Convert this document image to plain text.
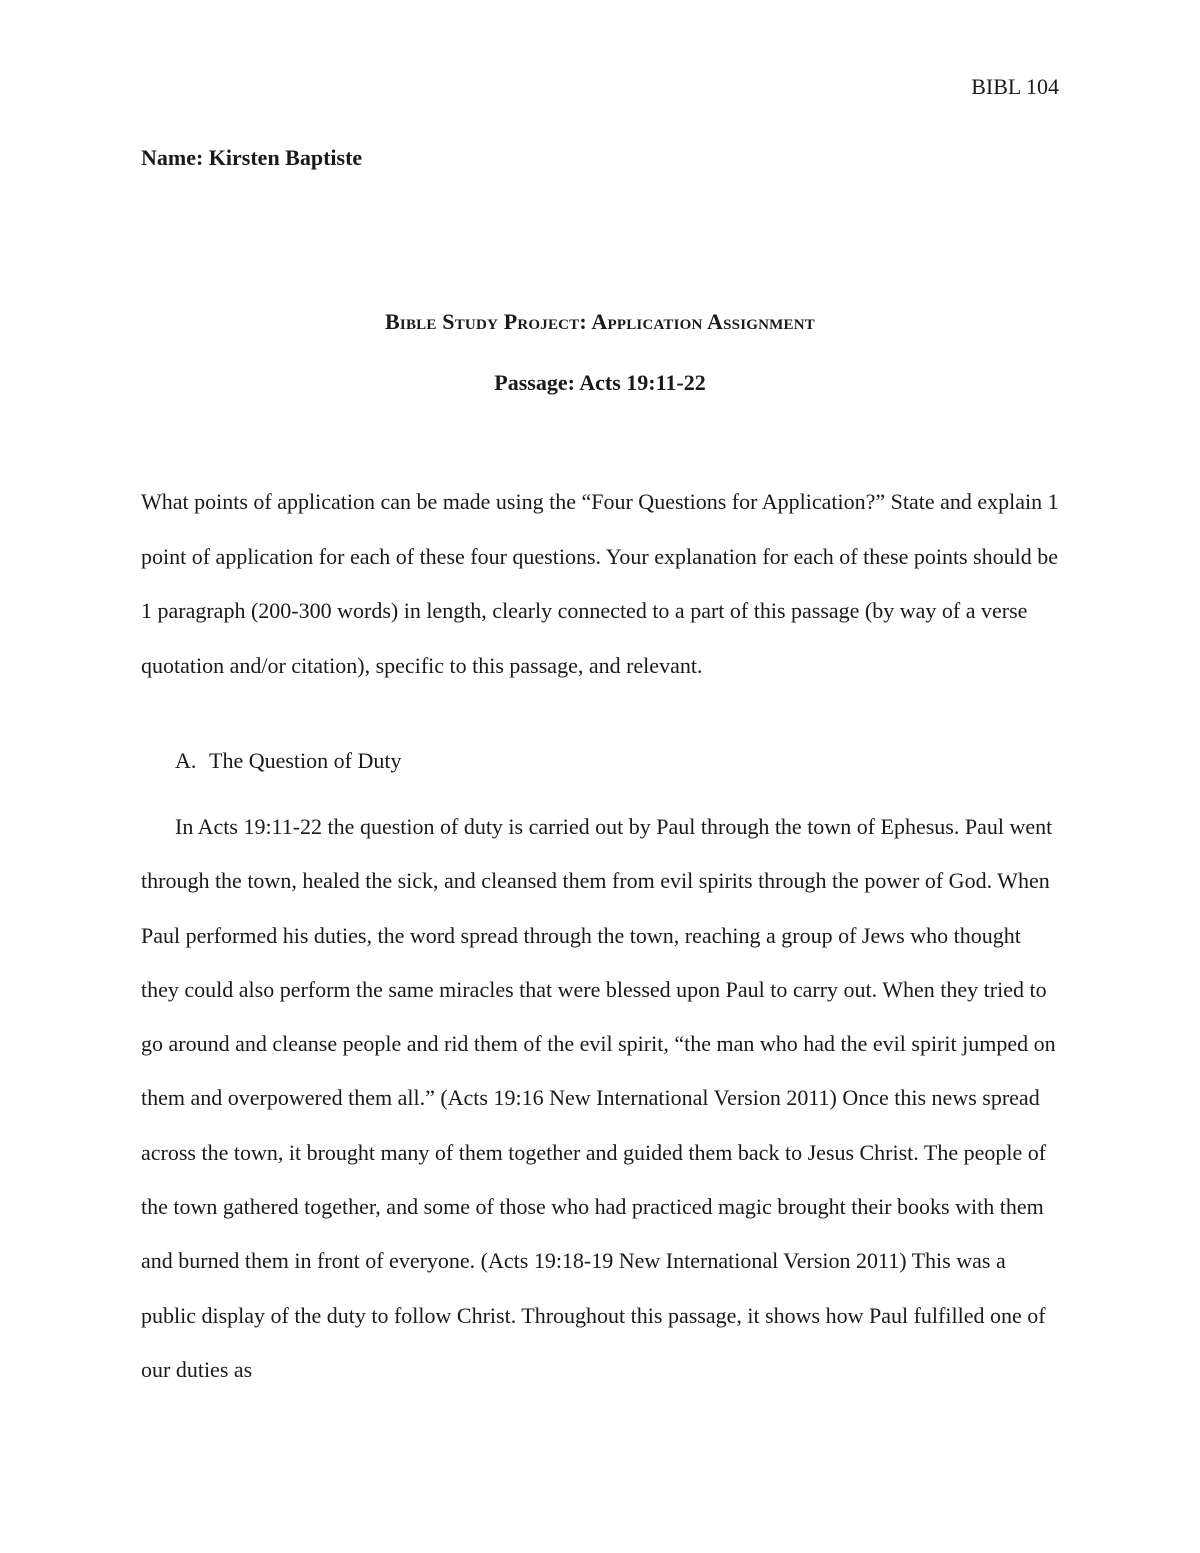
BIBL 104
Name: Kirsten Baptiste
Bible Study Project: Application Assignment
Passage: Acts 19:11-22

What points of application can be made using the “Four Questions for Application?” State and explain 1 point of application for each of these four questions. Your explanation for each of these points should be 1 paragraph (200-300 words) in length, clearly connected to a part of this passage (by way of a verse quotation and/or citation), specific to this passage, and relevant.

A. The Question of Duty

In Acts 19:11-22 the question of duty is carried out by Paul through the town of Ephesus. Paul went through the town, healed the sick, and cleansed them from evil spirits through the power of God. When Paul performed his duties, the word spread through the town, reaching a group of Jews who thought they could also perform the same miracles that were blessed upon Paul to carry out. When they tried to go around and cleanse people and rid them of the evil spirit, “the man who had the evil spirit jumped on them and overpowered them all.” (Acts 19:16 New International Version 2011) Once this news spread across the town, it brought many of them together and guided them back to Jesus Christ. The people of the town gathered together, and some of those who had practiced magic brought their books with them and burned them in front of everyone. (Acts 19:18-19 New International Version 2011) This was a public display of the duty to follow Christ. Throughout this passage, it shows how Paul fulfilled one of our duties as
